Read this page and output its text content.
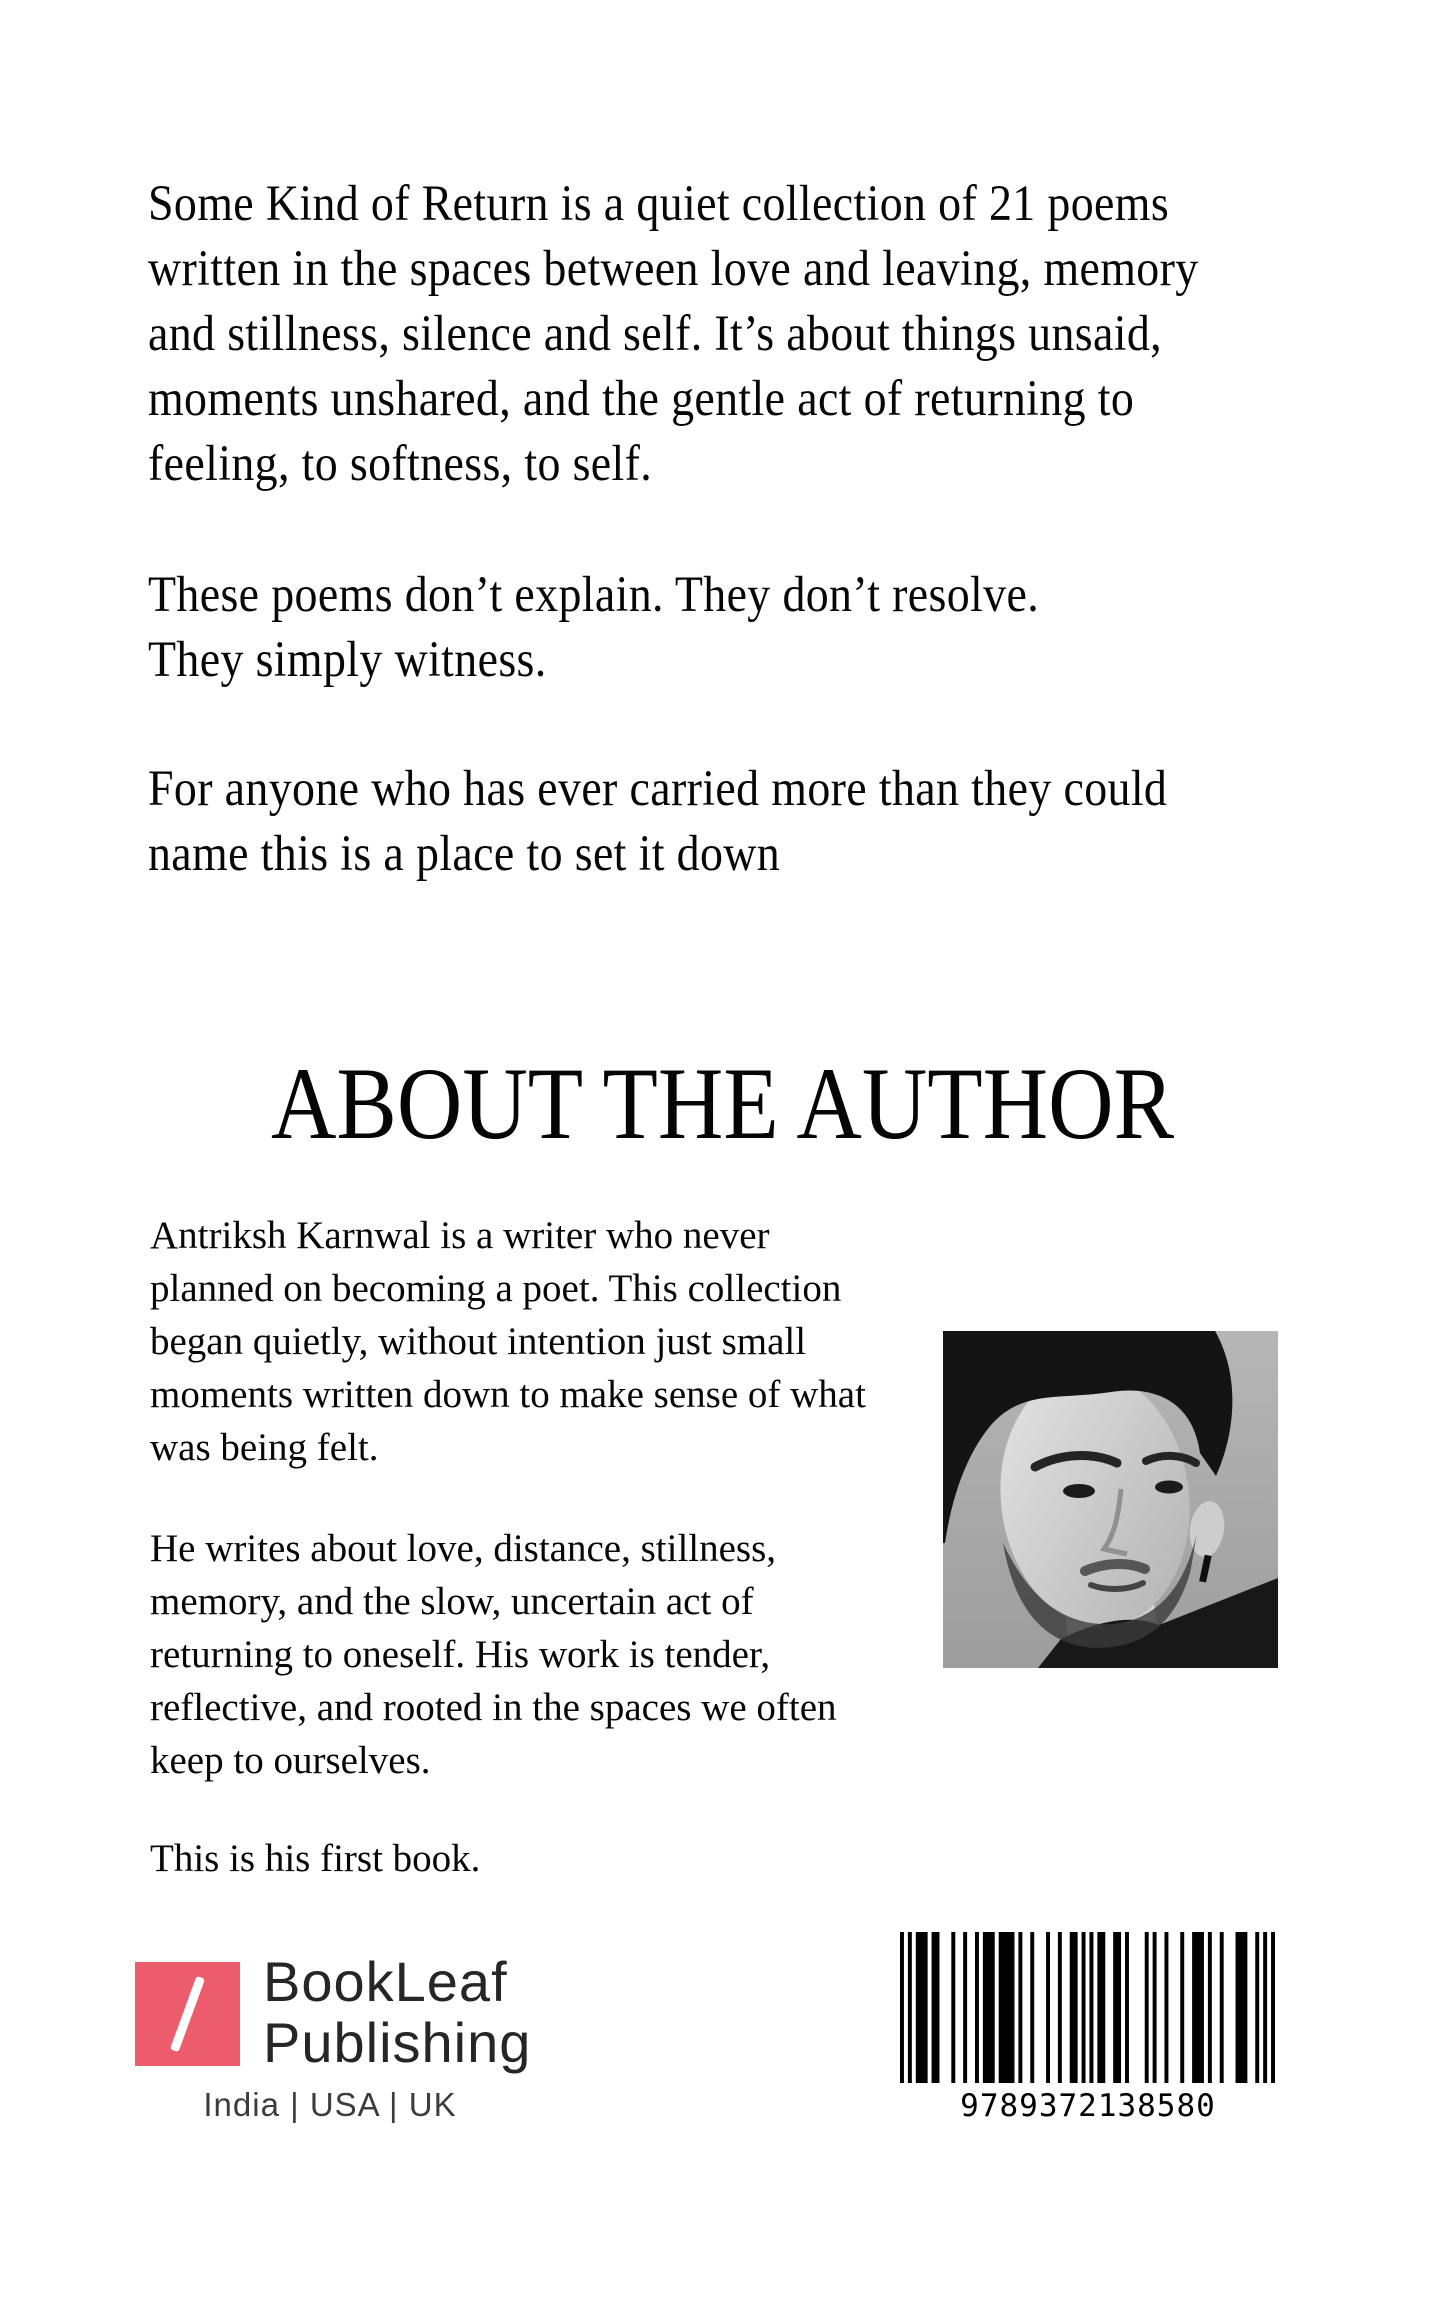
Some Kind of Return is a quiet collection of 21 poems
written in the spaces between love and leaving, memory
and stillness, silence and self. It’s about things unsaid,
moments unshared, and the gentle act of returning to
feeling, to softness, to self.
These poems don’t explain. They don’t resolve.
They simply witness.
For anyone who has ever carried more than they could
name this is a place to set it down
ABOUT THE AUTHOR
Antriksh Karnwal is a writer who never
planned on becoming a poet. This collection
began quietly, without intention just small
moments written down to make sense of what
was being felt.
He writes about love, distance, stillness,
memory, and the slow, uncertain act of
returning to oneself. His work is tender,
reflective, and rooted in the spaces we often
keep to ourselves.
This is his first book.
BookLeaf
Publishing
India | USA | UK	9789372138580
